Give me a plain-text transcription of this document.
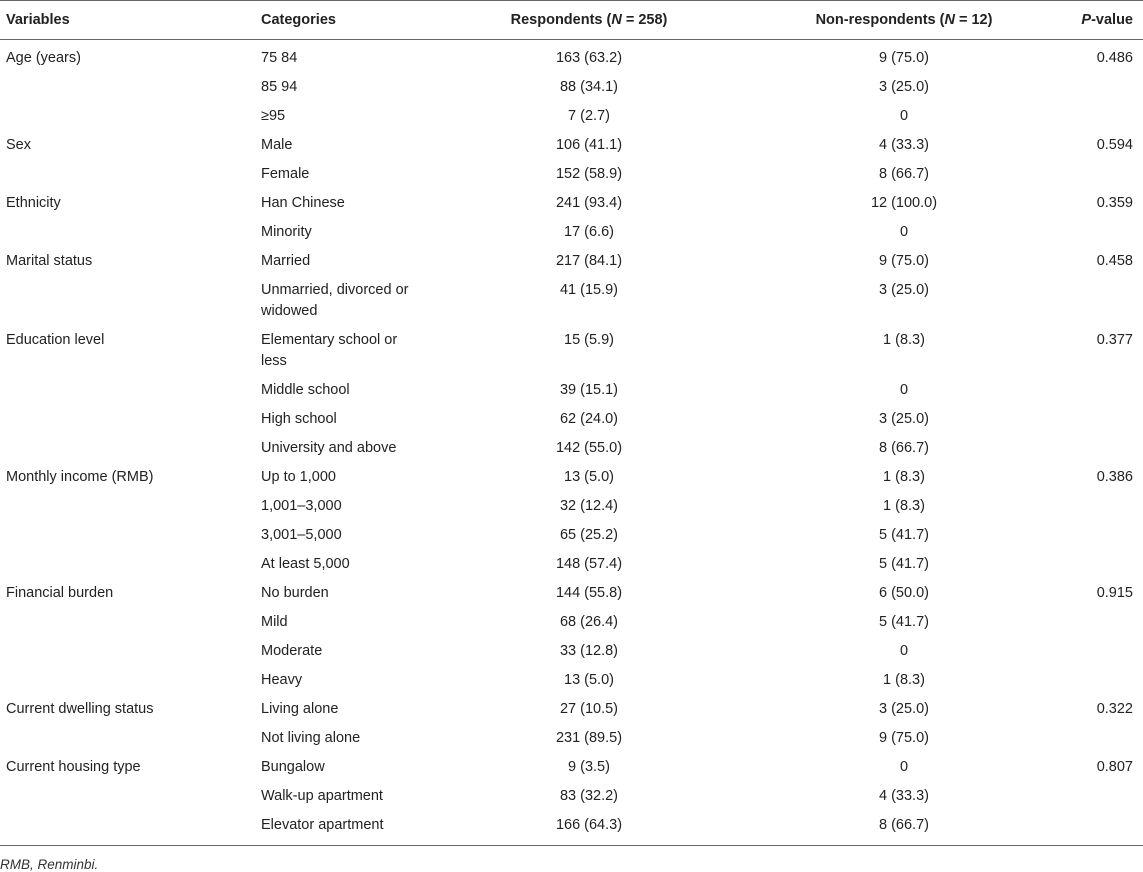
Variables	Categories	Respondents (N = 258)	Non-respondents (N = 12)	P-value
Age (years)	75 84	163 (63.2)	9 (75.0)	0.486
	85 94	88 (34.1)	3 (25.0)	
	≥95	7 (2.7)	0	
Sex	Male	106 (41.1)	4 (33.3)	0.594
	Female	152 (58.9)	8 (66.7)	
Ethnicity	Han Chinese	241 (93.4)	12 (100.0)	0.359
	Minority	17 (6.6)	0	
Marital status	Married	217 (84.1)	9 (75.0)	0.458
	Unmarried, divorced or widowed	41 (15.9)	3 (25.0)	
Education level	Elementary school or less	15 (5.9)	1 (8.3)	0.377
	Middle school	39 (15.1)	0	
	High school	62 (24.0)	3 (25.0)	
	University and above	142 (55.0)	8 (66.7)	
Monthly income (RMB)	Up to 1,000	13 (5.0)	1 (8.3)	0.386
	1,001–3,000	32 (12.4)	1 (8.3)	
	3,001–5,000	65 (25.2)	5 (41.7)	
	At least 5,000	148 (57.4)	5 (41.7)	
Financial burden	No burden	144 (55.8)	6 (50.0)	0.915
	Mild	68 (26.4)	5 (41.7)	
	Moderate	33 (12.8)	0	
	Heavy	13 (5.0)	1 (8.3)	
Current dwelling status	Living alone	27 (10.5)	3 (25.0)	0.322
	Not living alone	231 (89.5)	9 (75.0)	
Current housing type	Bungalow	9 (3.5)	0	0.807
	Walk-up apartment	83 (32.2)	4 (33.3)	
	Elevator apartment	166 (64.3)	8 (66.7)	

RMB, Renminbi.
